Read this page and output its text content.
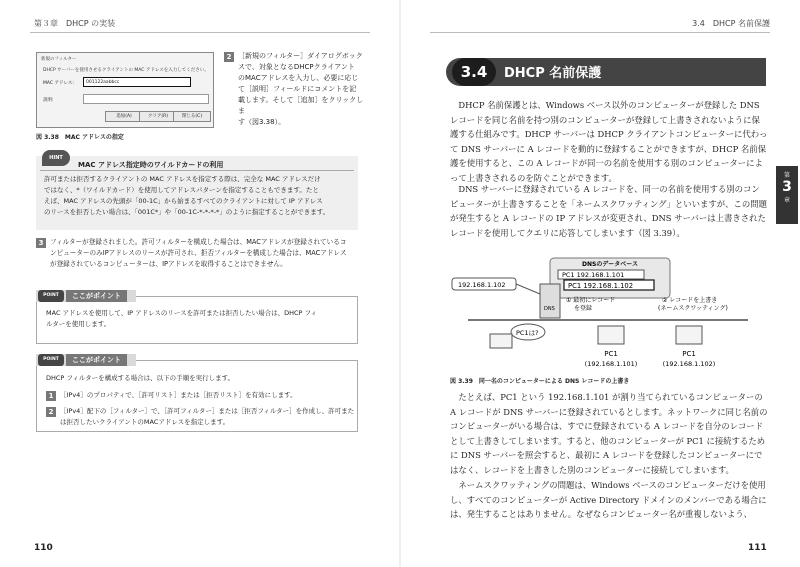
第３章　DHCP の実装
新規のフィルター
DHCP サーバーを使用させるクライアントの MAC アドレスを入力してください。
MAC アドレス:	001122aabbcc
説明:
追加(A)	クリア(R)	閉じる(C)
図 3.38　MAC アドレスの指定
2 ［新規のフィルター］ダイアログボック
スで、対象となるDHCPクライアント
のMACアドレスを入力し、必要に応じ
て［説明］フィールドにコメントを記
載します。そして［追加］をクリックしま
す（図3.38）。
HINT
MAC アドレス指定時のワイルドカードの利用
許可または拒否するクライアントの MAC アドレスを指定する際は、完全な MAC アドレスだけ
ではなく、*（ワイルドカード）を使用してアドレスパターンを指定することもできます。たと
えば、MAC アドレスの先頭が「00-1C」から始まるすべてのクライアントに対して IP アドレス
のリースを拒否したい場合は、「001C*」や「00-1C-*-*-*-*」のように指定することができます。
3 フィルターが登録されました。許可フィルターを構成した場合は、MACアドレスが登録されているコ
ンピューターのみIPアドレスのリースが許可され、拒否フィルターを構成した場合は、MACアドレス
が登録されているコンピューターは、IPアドレスを取得することはできません。
POINT	ここがポイント
MAC アドレスを使用して、IP アドレスのリースを許可または拒否したい場合は、DHCP フィ
ルターを使用します。
POINT	ここがポイント
DHCP フィルターを構成する場合は、以下の手順を実行します。
1	［IPv4］のプロパティで、［許可リスト］または［拒否リスト］を有効にします。
2	［IPv4］配下の［フィルター］で、［許可フィルター］または［拒否フィルター］を作成し、許可また
は拒否したいクライアントのMACアドレスを指定します。
110
3.4　DHCP 名前保護
3.4	DHCP 名前保護
第
3
章
DHCP 名前保護とは、Windows ベース以外のコンピューターが登録した DNS レコードを同じ名前を持つ別のコンピューターが登録して上書きされないように保護する仕組みです。DHCP サーバーは DHCP クライアントコンピューターに代わって DNS サーバーに A レコードを動的に登録することができますが、DHCP 名前保護を使用すると、この A レコードが同一の名前を使用する別のコンピューターによって上書きされるのを防ぐことができます。
DNS サーバーに登録されている A レコードを、同一の名前を使用する別のコンピューターが上書きすることを「ネームスクワッティング」といいますが、この問題が発生すると A レコードの IP アドレスが変更され、DNS サーバーは上書きされたレコードを使用してクエリに応答してしまいます（図 3.39）。
DNSのデータベース
PC1 192.168.1.101
PC1 192.168.1.102
DNS
192.168.1.102
① 最初にレコード
を登録
② レコードを上書き
(ネームスクワッティング)
PC1は?
PC1
(192.168.1.101)
PC1
(192.168.1.102)
図 3.39　同一名のコンピューターによる DNS レコードの上書き
たとえば、PC1 という 192.168.1.101 が割り当てられているコンピューターの A レコードが DNS サーバーに登録されているとします。ネットワークに同じ名前のコンピューターがいる場合は、すでに登録されている A レコードを自分のレコードとして上書きしてしまいます。すると、他のコンピューターが PC1 に接続するために DNS サーバーを照会すると、最初に A レコードを登録したコンピューターにではなく、レコードを上書きした別のコンピューターに接続してしまいます。
ネームスクワッティングの問題は、Windows ベースのコンピューターだけを使用し、すべてのコンピューターが Active Directory ドメインのメンバーである場合には、発生することはありません。なぜならコンピューター名が重複しないよう、
111
